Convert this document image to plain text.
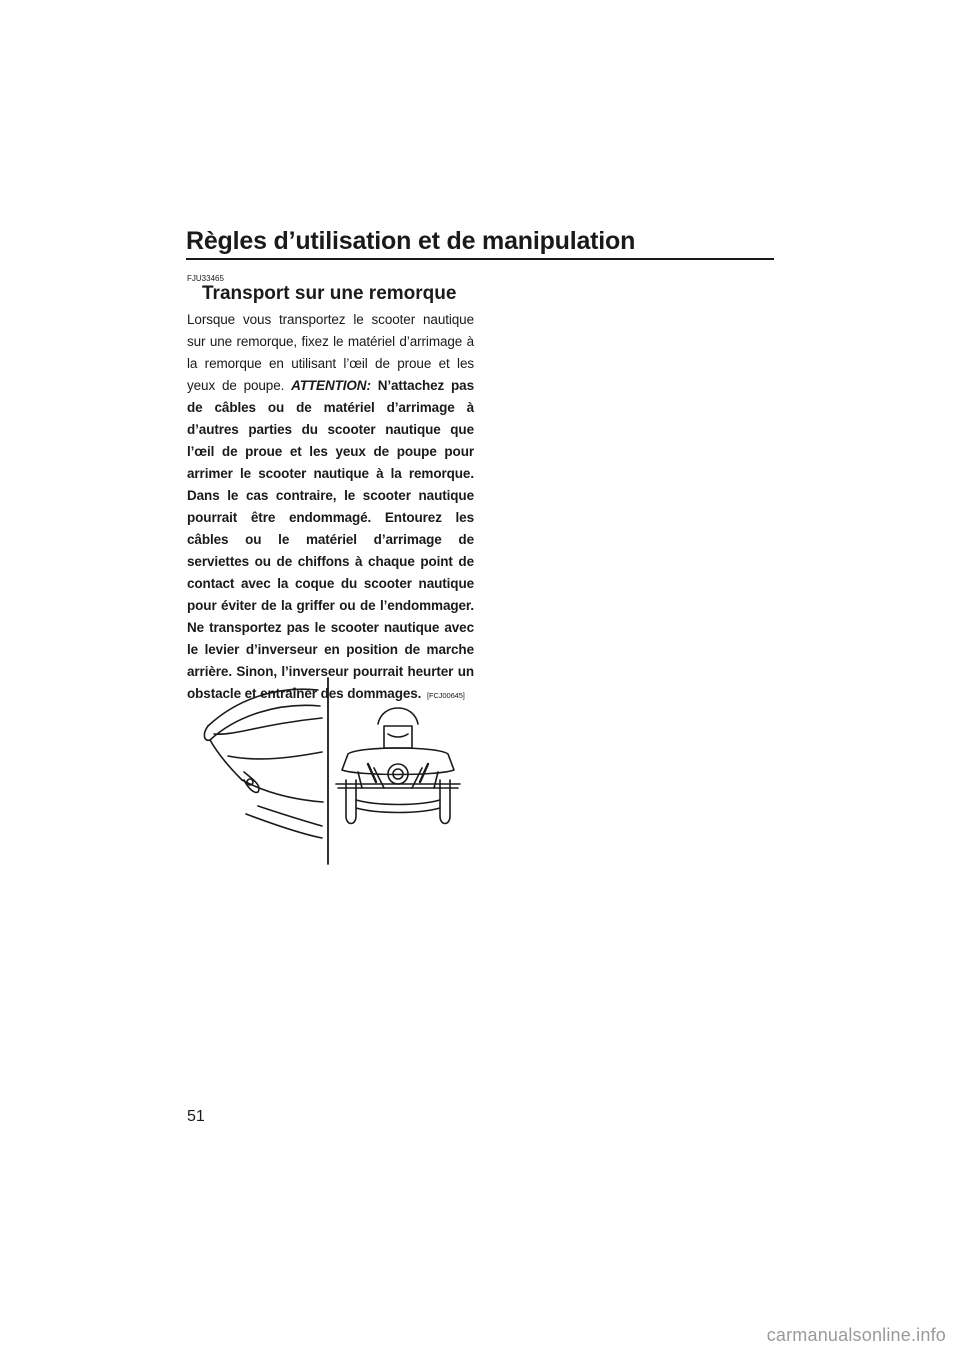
Règles d’utilisation et de manipulation

FJU33465

Transport sur une remorque

Lorsque vous transportez le scooter nautique sur une remorque, fixez le matériel d’arrimage à la remorque en utilisant l’œil de proue et les yeux de poupe. ATTENTION: N’attachez pas de câbles ou de matériel d’arrimage à d’autres parties du scooter nautique que l’œil de proue et les yeux de poupe pour arrimer le scooter nautique à la remorque. Dans le cas contraire, le scooter nautique pourrait être endommagé. Entourez les câbles ou le matériel d’arrimage de serviettes ou de chiffons à chaque point de contact avec la coque du scooter nautique pour éviter de la griffer ou de l’endommager. Ne transportez pas le scooter nautique avec le levier d’inverseur en position de marche arrière. Sinon, l’inverseur pourrait heurter un obstacle et entraîner des dommages. [FCJ00645]

51
carmanualsonline.info
